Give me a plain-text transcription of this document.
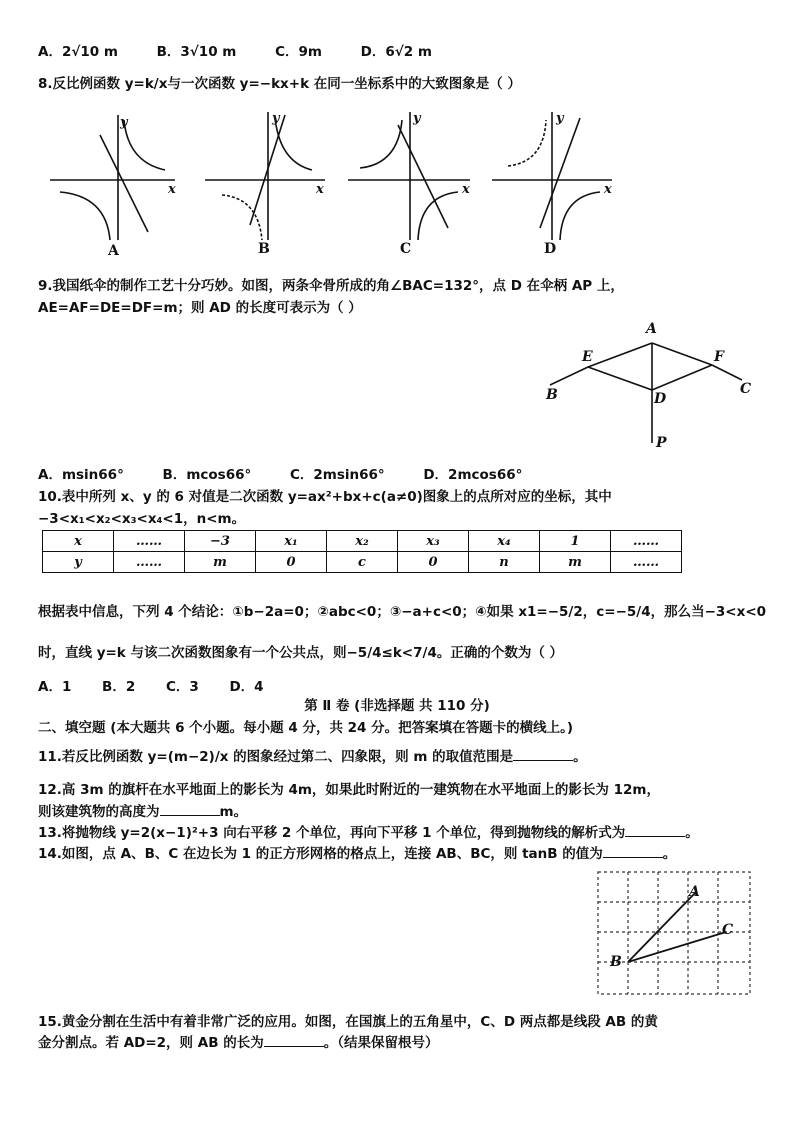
A．2√10 m	B．3√10 m	C．9m	D．6√2 m
8.反比例函数 y=k/x与一次函数 y=−kx+k 在同一坐标系中的大致图象是（ ）
y
x
y
x
y
x
y
x
A	B	C	D
9.我国纸伞的制作工艺十分巧妙。如图，两条伞骨所成的角∠BAC=132°，点 D 在伞柄 AP 上，
AE=AF=DE=DF=m；则 AD 的长度可表示为（ ）
A
E	F
B	C
D
P
A．msin66°	B．mcos66°	C．2msin66°	D．2mcos66°
10.表中所列 x、y 的 6 对值是二次函数 y=ax²+bx+c(a≠0)图象上的点所对应的坐标，其中
−3<x₁<x₂<x₃<x₄<1，n<m。
x	……	−3	x₁	x₂	x₃	x₄	1	……
y	……	m	0	c	0	n	m	……
根据表中信息，下列 4 个结论：①b−2a=0；②abc<0；③−a+c<0；④如果 x1=−5/2，c=−5/4，那么当−3<x<0
时，直线 y=k 与该二次函数图象有一个公共点，则−5/4≤k<7/4。正确的个数为（ ）
A．1 B．2 C．3 D．4
第 Ⅱ 卷 (非选择题 共 110 分)
二、填空题 (本大题共 6 个小题。每小题 4 分，共 24 分。把答案填在答题卡的横线上。)
11.若反比例函数 y=(m−2)/x 的图象经过第二、四象限，则 m 的取值范围是	。
12.高 3m 的旗杆在水平地面上的影长为 4m，如果此时附近的一建筑物在水平地面上的影长为 12m，
则该建筑物的高度为	m。
13.将抛物线 y=2(x−1)²+3 向右平移 2 个单位，再向下平移 1 个单位，得到抛物线的解析式为	。
14.如图，点 A、B、C 在边长为 1 的正方形网格的格点上，连接 AB、BC，则 tanB 的值为	。
A
B
C
15.黄金分割在生活中有着非常广泛的应用。如图，在国旗上的五角星中，C、D 两点都是线段 AB 的黄
金分割点。若 AD=2，则 AB 的长为	。（结果保留根号）
